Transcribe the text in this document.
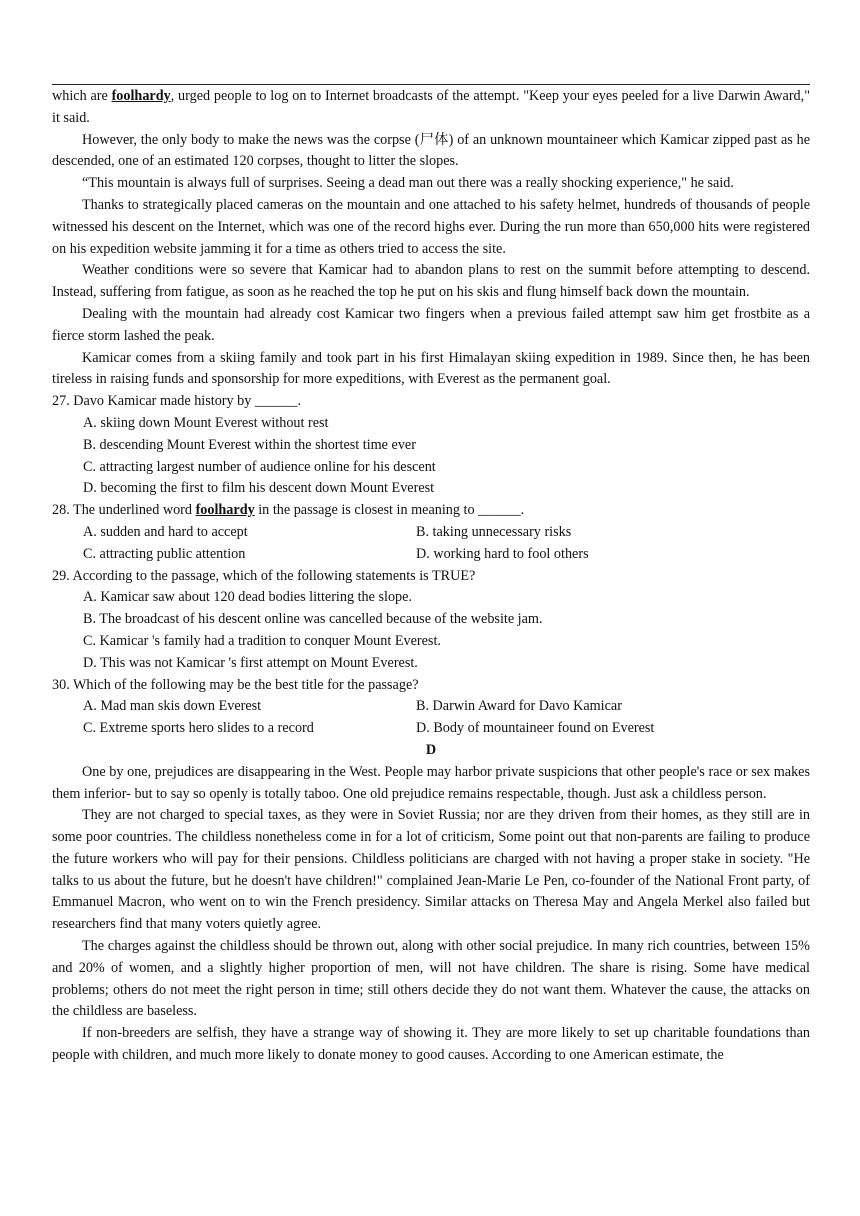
which are foolhardy, urged people to log on to Internet broadcasts of the attempt. "Keep your eyes peeled for a live Darwin Award," it said.

However, the only body to make the news was the corpse (尸体) of an unknown mountaineer which Kamicar zipped past as he descended, one of an estimated 120 corpses, thought to litter the slopes.

“This mountain is always full of surprises. Seeing a dead man out there was a really shocking experience," he said.

Thanks to strategically placed cameras on the mountain and one attached to his safety helmet, hundreds of thousands of people witnessed his descent on the Internet, which was one of the record highs ever. During the run more than 650,000 hits were registered on his expedition website jamming it for a time as others tried to access the site.

Weather conditions were so severe that Kamicar had to abandon plans to rest on the summit before attempting to descend. Instead, suffering from fatigue, as soon as he reached the top he put on his skis and flung himself back down the mountain.

Dealing with the mountain had already cost Kamicar two fingers when a previous failed attempt saw him get frostbite as a fierce storm lashed the peak.

Kamicar comes from a skiing family and took part in his first Himalayan skiing expedition in 1989. Since then, he has been tireless in raising funds and sponsorship for more expeditions, with Everest as the permanent goal.

27. Davo Kamicar made history by ______.

A. skiing down Mount Everest without rest

B. descending Mount Everest within the shortest time ever

C. attracting largest number of audience online for his descent

D. becoming the first to film his descent down Mount Everest

28. The underlined word foolhardy in the passage is closest in meaning to ______.

A. sudden and hard to accept	B. taking unnecessary risks
C. attracting public attention	D. working hard to fool others

29. According to the passage, which of the following statements is TRUE?

A. Kamicar saw about 120 dead bodies littering the slope.

B. The broadcast of his descent online was cancelled because of the website jam.

C. Kamicar 's family had a tradition to conquer Mount Everest.

D. This was not Kamicar 's first attempt on Mount Everest.

30. Which of the following may be the best title for the passage?

A. Mad man skis down Everest	B. Darwin Award for Davo Kamicar
C. Extreme sports hero slides to a record	D. Body of mountaineer found on Everest

D

One by one, prejudices are disappearing in the West. People may harbor private suspicions that other people's race or sex makes them inferior- but to say so openly is totally taboo. One old prejudice remains respectable, though. Just ask a childless person.

They are not charged to special taxes, as they were in Soviet Russia; nor are they driven from their homes, as they still are in some poor countries. The childless nonetheless come in for a lot of criticism, Some point out that non-parents are failing to produce the future workers who will pay for their pensions. Childless politicians are charged with not having a proper stake in society. "He talks to us about the future, but he doesn't have children!" complained Jean-Marie Le Pen, co-founder of the National Front party, of Emmanuel Macron, who went on to win the French presidency. Similar attacks on Theresa May and Angela Merkel also failed but researchers find that many voters quietly agree.

The charges against the childless should be thrown out, along with other social prejudice. In many rich countries, between 15% and 20% of women, and a slightly higher proportion of men, will not have children. The share is rising. Some have medical problems; others do not meet the right person in time; still others decide they do not want them. Whatever the cause, the attacks on the childless are baseless.

If non-breeders are selfish, they have a strange way of showing it. They are more likely to set up charitable foundations than people with children, and much more likely to donate money to good causes. According to one American estimate, the
